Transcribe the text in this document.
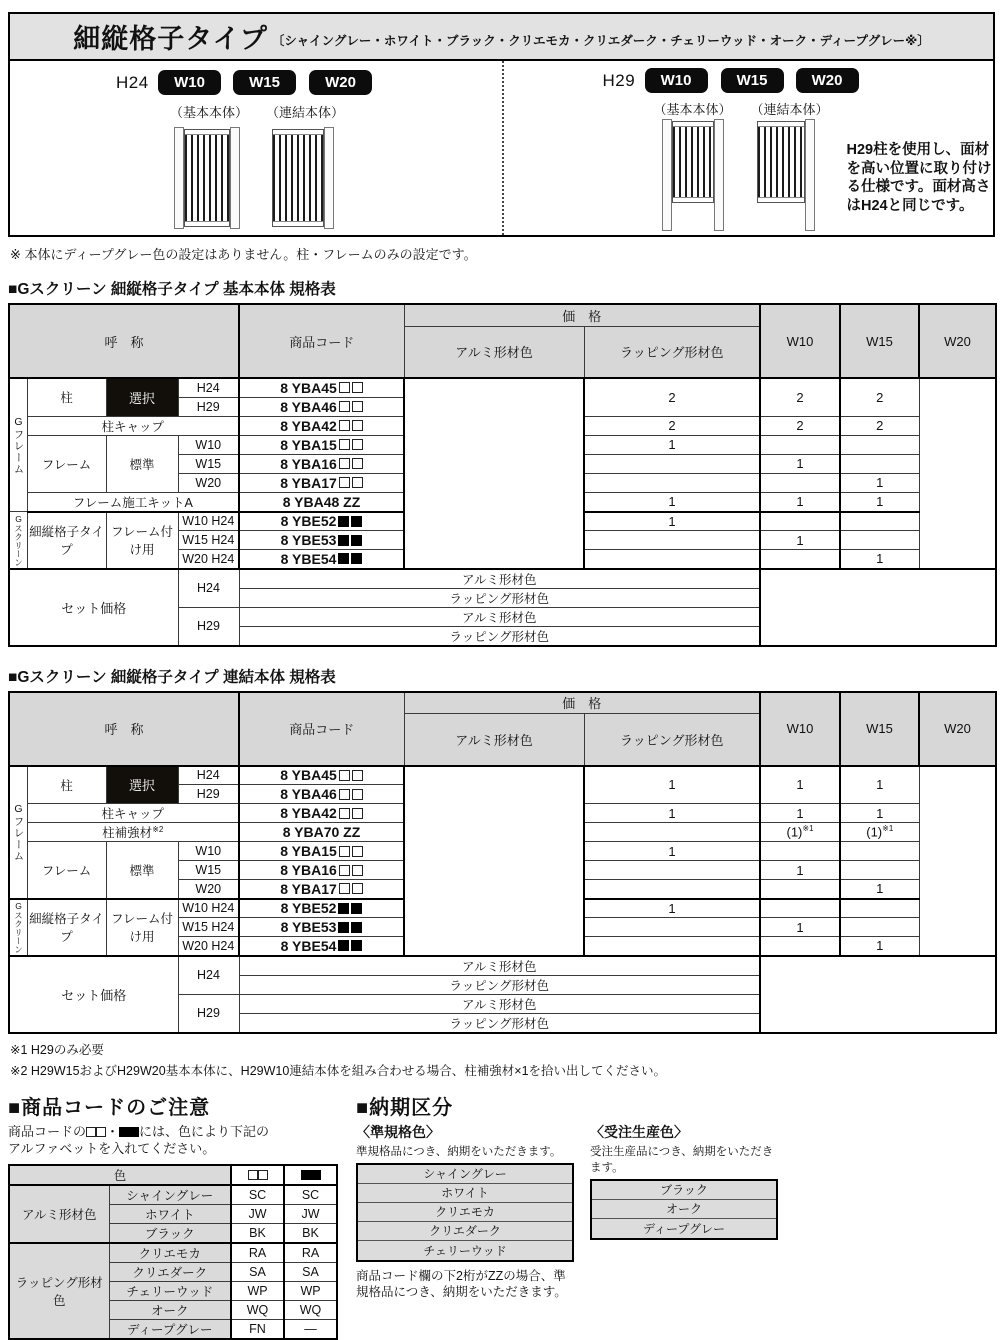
細縦格子タイプ 〔シャイングレー・ホワイト・ブラック・クリエモカ・クリエダーク・チェリーウッド・オーク・ディープグレー※〕
H24	W10	W15	W20
（基本本体） （連結本体）
H29	W10	W15	W20
（基本本体） （連結本体）
H29柱を使用し、面材を高い位置に取り付ける仕様です。面材高さはH24と同じです。
※ 本体にディープグレー色の設定はありません。柱・フレームのみの設定です。
■Gスクリーン 細縦格子タイプ 基本本体 規格表
呼　称				商品コード	価　格		W10	W15	W20
					アルミ形材色	ラッピング形材色			

Gフレーム	柱	選択	H24	8 YBA45		2	2	2	
			H29	8 YBA46					

	柱キャップ			8 YBA42		2	2	2	
	フレーム	標準	W10	8 YBA15		1			
			W15	8 YBA16			1		
			W20	8 YBA17				1	
	フレーム施工キットA			8 YBA48 ZZ		1	1	1	

Gスクリーン	細縦格子タイプ	フレーム付け用	W10 H24	8 YBE52		1			
			W15 H24	8 YBE53			1		
			W20 H24	8 YBE54				1	
セット価格			H24	アルミ形材色					
				ラッピング形材色					
			H29	アルミ形材色					
				ラッピング形材色					
■Gスクリーン 細縦格子タイプ 連結本体 規格表
呼　称				商品コード	価　格		W10	W15	W20
					アルミ形材色	ラッピング形材色			

Gフレーム	柱	選択	H24	8 YBA45		1	1	1	
			H29	8 YBA46					

	柱キャップ			8 YBA42		1	1	1	
	柱補強材$^{※2}$			8 YBA70 ZZ			$(1)^{※1}$	$(1)^{※1}$
	フレーム	標準	W10	8 YBA15		1			
			W15	8 YBA16			1		
			W20	8 YBA17				1	

Gスクリーン	細縦格子タイプ	フレーム付け用	W10 H24	8 YBE52		1			
			W15 H24	8 YBE53			1		
			W20 H24	8 YBE54				1	
セット価格			H24	アルミ形材色					
				ラッピング形材色					
			H29	アルミ形材色					
				ラッピング形材色					
※1 H29のみ必要
※2 H29W15およびH29W20基本本体に、H29W10連結本体を組み合わせる場合、柱補強材×1を拾い出してください。
■商品コードのご注意
商品コードの ・ には、色により下記の
アルファベットを入れてください。
色			
アルミ形材色	シャイングレー	SC	SC
	ホワイト	JW	JW
	ブラック	BK	BK
ラッピング形材色	クリエモカ	RA	RA
	クリエダーク	SA	SA
	チェリーウッド	WP	WP
	オーク	WQ	WQ
	ディープグレー	FN	—
■納期区分
〈準規格色〉
準規格品につき、納期をいただきます。
シャイングレー
ホワイト
クリエモカ
クリエダーク
チェリーウッド
商品コード欄の下2桁がZZの場合、準規格品につき、納期をいただきます。
〈受注生産色〉
受注生産品につき、納期をいただきます。
ブラック
オーク
ディープグレー
